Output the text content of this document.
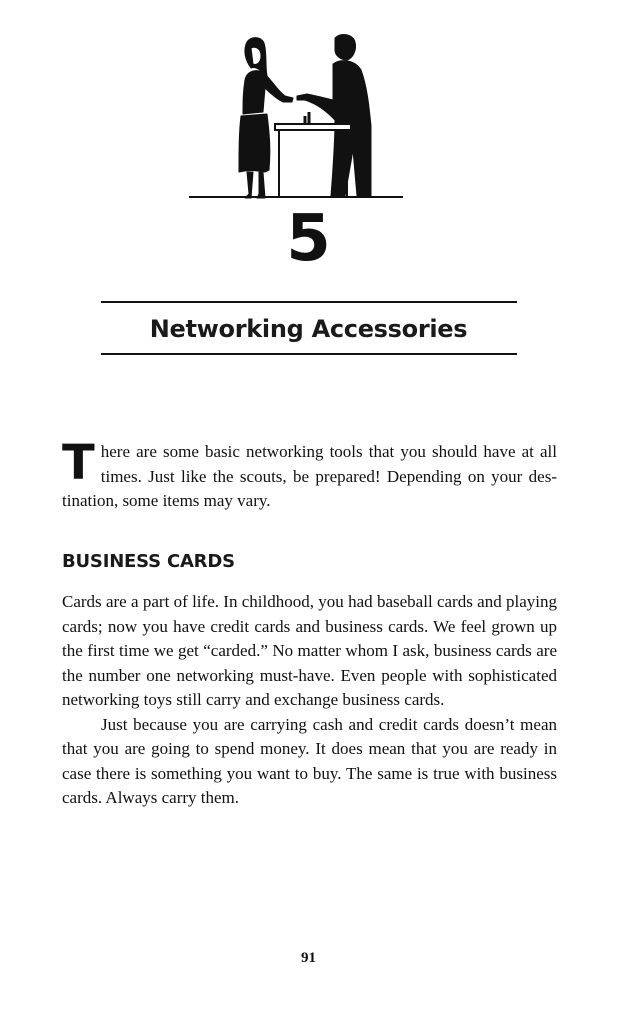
5
Networking Accessories
T here are some basic networking tools that you should have at all times. Just like the scouts, be prepared! Depending on your destination, some items may vary.
BUSINESS CARDS

Cards are a part of life. In childhood, you had baseball cards and playing cards; now you have credit cards and business cards. We feel grown up the first time we get “carded.” No matter whom I ask, business cards are the number one networking must-have. Even people with sophisticated networking toys still carry and exchange business cards.

Just because you are carrying cash and credit cards doesn’t mean that you are going to spend money. It does mean that you are ready in case there is something you want to buy. The same is true with business cards. Always carry them.

91
